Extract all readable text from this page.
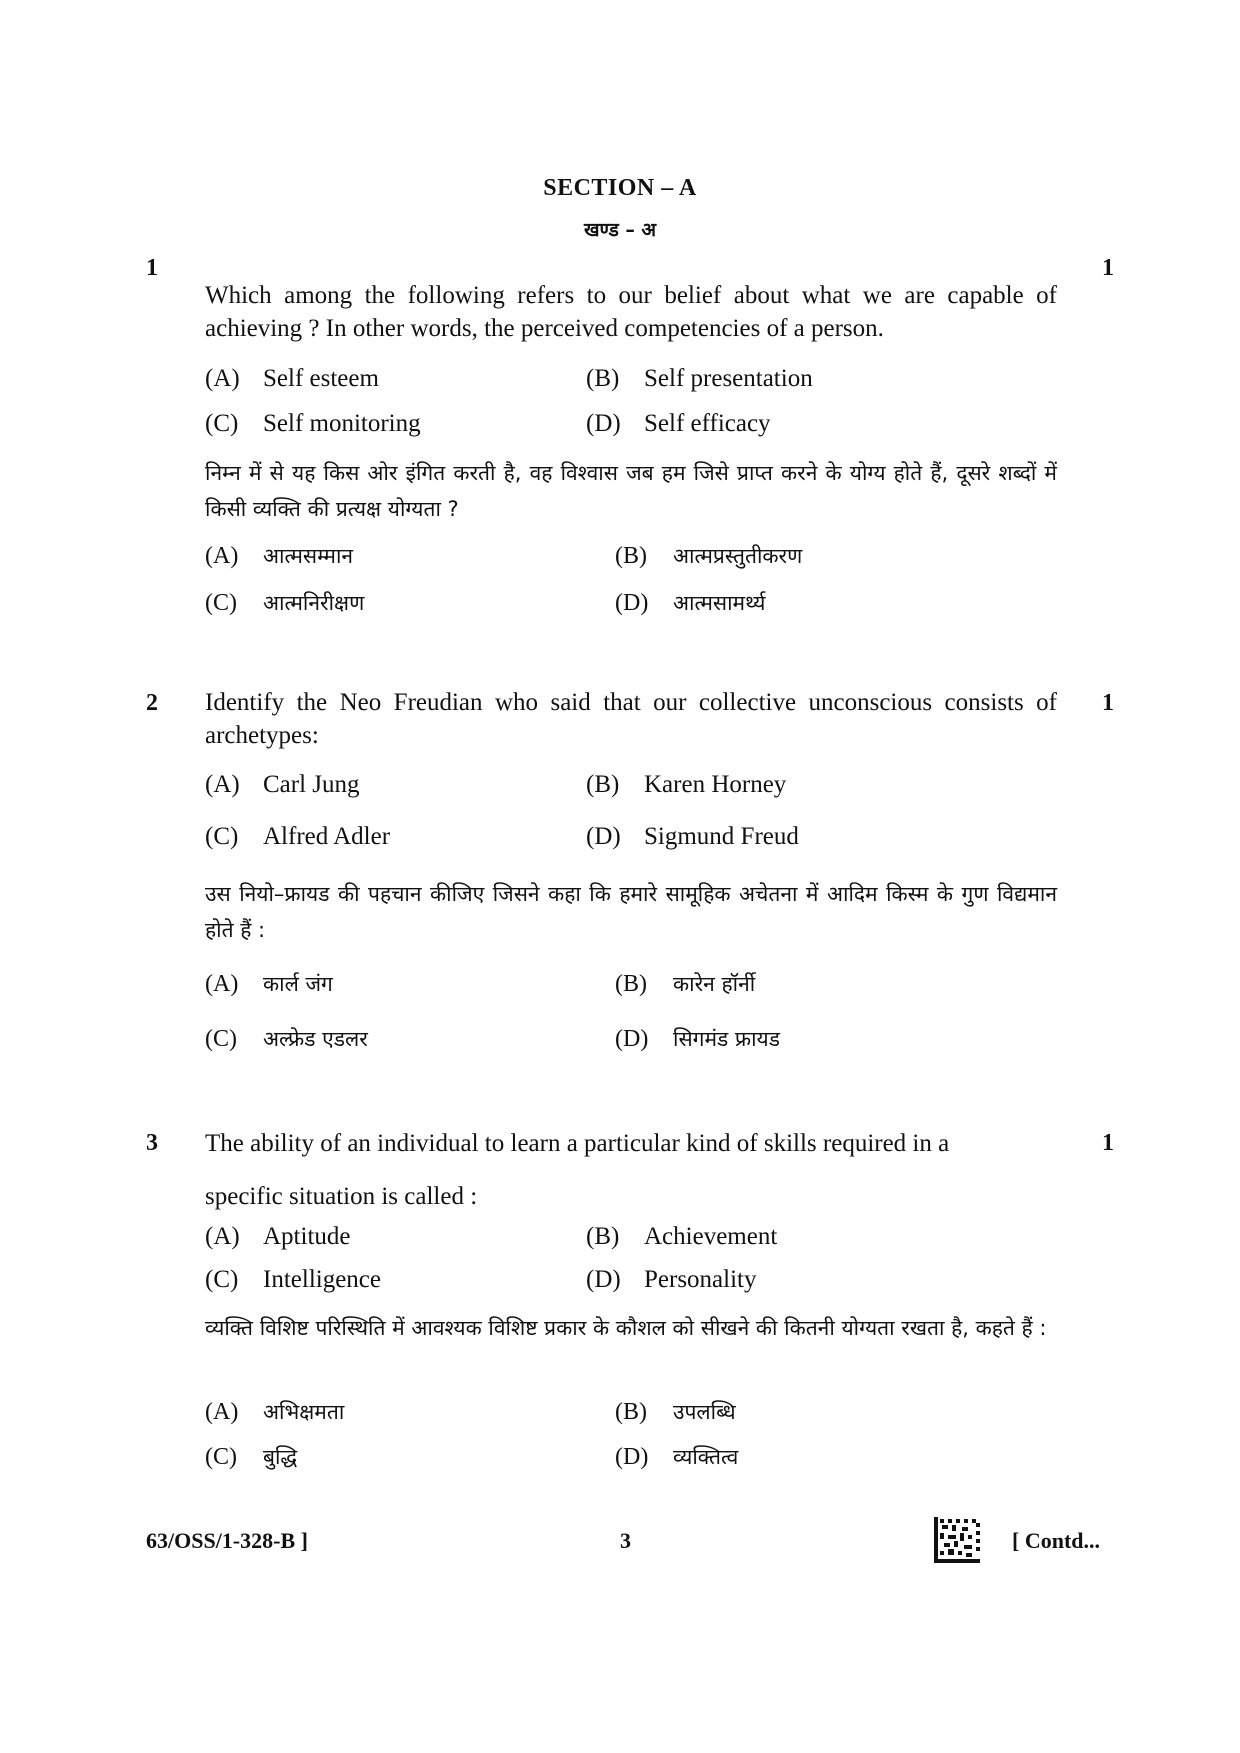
SECTION – A
खण्ड – अ
1	1
Which among the following refers to our belief about what we are capable of achieving ? In other words, the perceived competencies of a person.
(A) Self esteem	(B) Self presentation
(C) Self monitoring	(D) Self efficacy
निम्न में से यह किस ओर इंगित करती है, वह विश्वास जब हम जिसे प्राप्त करने के योग्य होते हैं, दूसरे शब्दों में किसी व्यक्ति की प्रत्यक्ष योग्यता ?
(A) आत्मसम्मान	(B) आत्मप्रस्तुतीकरण
(C) आत्मनिरीक्षण	(D) आत्मसामर्थ्य
2	1
Identify the Neo Freudian who said that our collective unconscious consists of archetypes:
(A) Carl Jung	(B) Karen Horney
(C) Alfred Adler	(D) Sigmund Freud
उस नियो–फ्रायड की पहचान कीजिए जिसने कहा कि हमारे सामूहिक अचेतना में आदिम किस्म के गुण विद्यमान होते हैं :
(A) कार्ल जंग	(B) कारेन हॉर्नी
(C) अल्फ्रेड एडलर	(D) सिगमंड फ्रायड
3	1
The ability of an individual to learn a particular kind of skills required in a
specific situation is called :
(A) Aptitude	(B) Achievement
(C) Intelligence	(D) Personality
व्यक्ति विशिष्ट परिस्थिति में आवश्यक विशिष्ट प्रकार के कौशल को सीखने की कितनी योग्यता रखता है, कहते हैं :
(A) अभिक्षमता	(B) उपलब्धि
(C) बुद्धि	(D) व्यक्तित्व
63/OSS/1-328-B ]	3	[ Contd...
